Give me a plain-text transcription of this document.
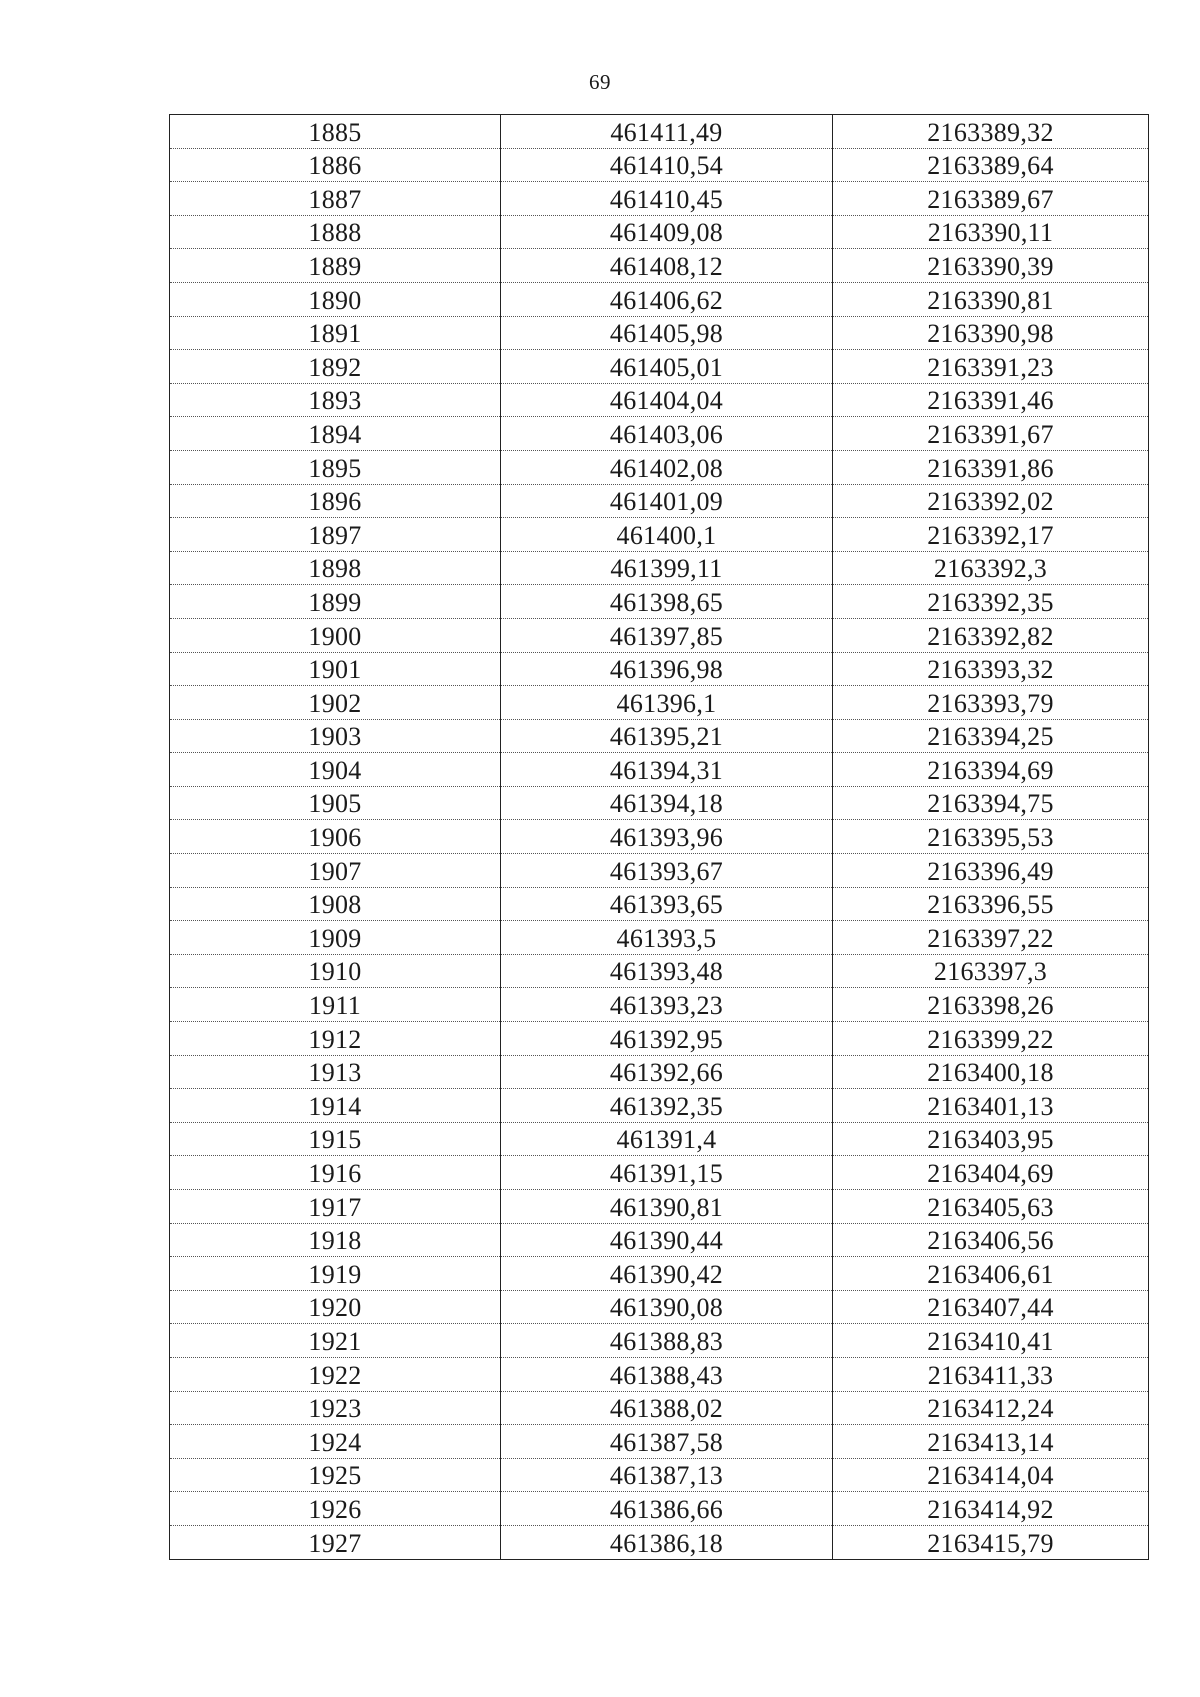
69
1885	461411,49	2163389,32
1886	461410,54	2163389,64
1887	461410,45	2163389,67
1888	461409,08	2163390,11
1889	461408,12	2163390,39
1890	461406,62	2163390,81
1891	461405,98	2163390,98
1892	461405,01	2163391,23
1893	461404,04	2163391,46
1894	461403,06	2163391,67
1895	461402,08	2163391,86
1896	461401,09	2163392,02
1897	461400,1	2163392,17
1898	461399,11	2163392,3
1899	461398,65	2163392,35
1900	461397,85	2163392,82
1901	461396,98	2163393,32
1902	461396,1	2163393,79
1903	461395,21	2163394,25
1904	461394,31	2163394,69
1905	461394,18	2163394,75
1906	461393,96	2163395,53
1907	461393,67	2163396,49
1908	461393,65	2163396,55
1909	461393,5	2163397,22
1910	461393,48	2163397,3
1911	461393,23	2163398,26
1912	461392,95	2163399,22
1913	461392,66	2163400,18
1914	461392,35	2163401,13
1915	461391,4	2163403,95
1916	461391,15	2163404,69
1917	461390,81	2163405,63
1918	461390,44	2163406,56
1919	461390,42	2163406,61
1920	461390,08	2163407,44
1921	461388,83	2163410,41
1922	461388,43	2163411,33
1923	461388,02	2163412,24
1924	461387,58	2163413,14
1925	461387,13	2163414,04
1926	461386,66	2163414,92
1927	461386,18	2163415,79
